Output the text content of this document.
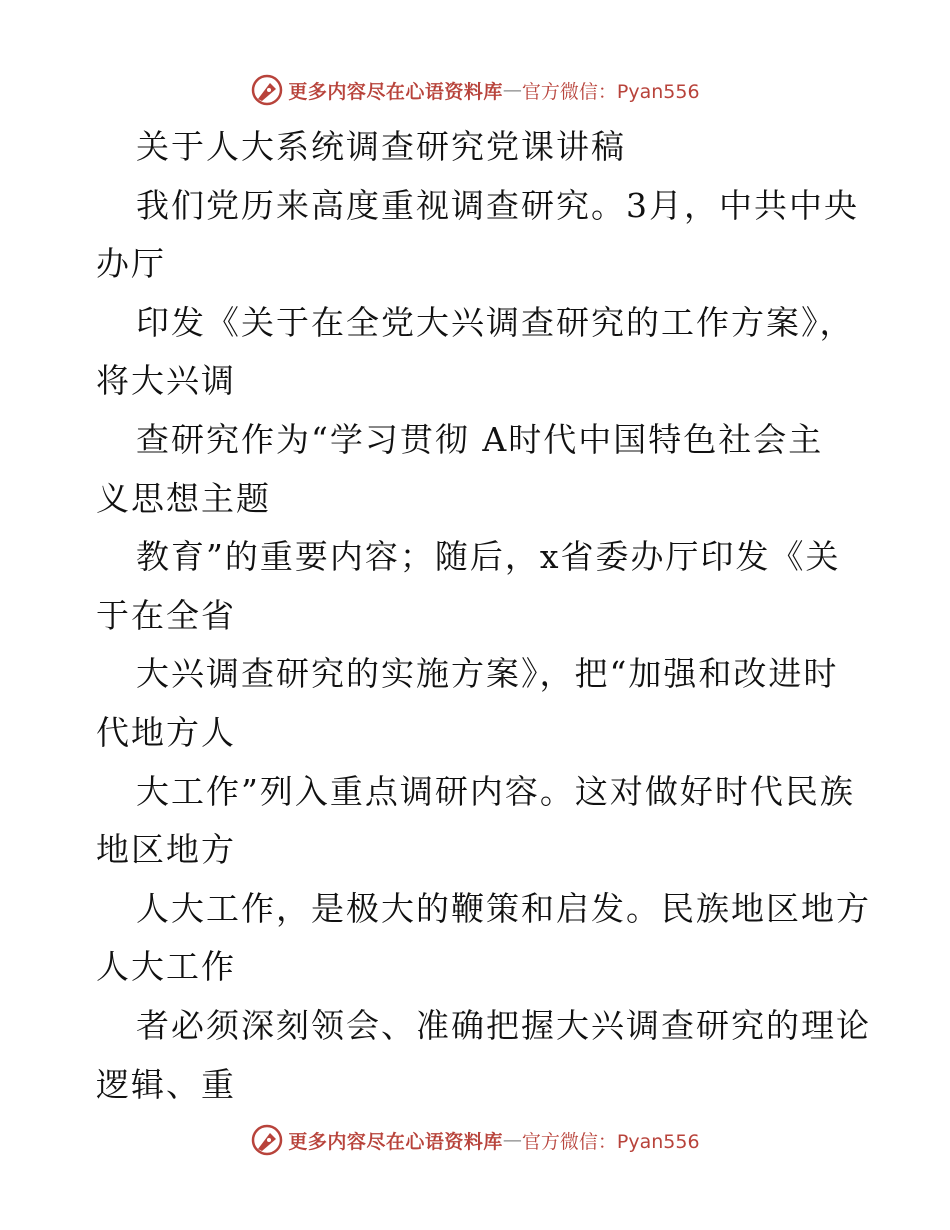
更多内容尽在心语资料库 — 官方微信：Pyan556
关于人大系统调查研究党课讲稿
我们党历来高度重视调查研究。3月，中共中央
办厅
印发《关于在全党大兴调查研究的工作方案》，
将大兴调
查研究作为“学习贯彻 A时代中国特色社会主
义思想主题
教育”的重要内容；随后，x省委办厅印发《关
于在全省
大兴调查研究的实施方案》，把“加强和改进时
代地方人
大工作”列入重点调研内容。这对做好时代民族
地区地方
人大工作，是极大的鞭策和启发。民族地区地方
人大工作
者必须深刻领会、准确把握大兴调查研究的理论
逻辑、重
更多内容尽在心语资料库 — 官方微信：Pyan556
